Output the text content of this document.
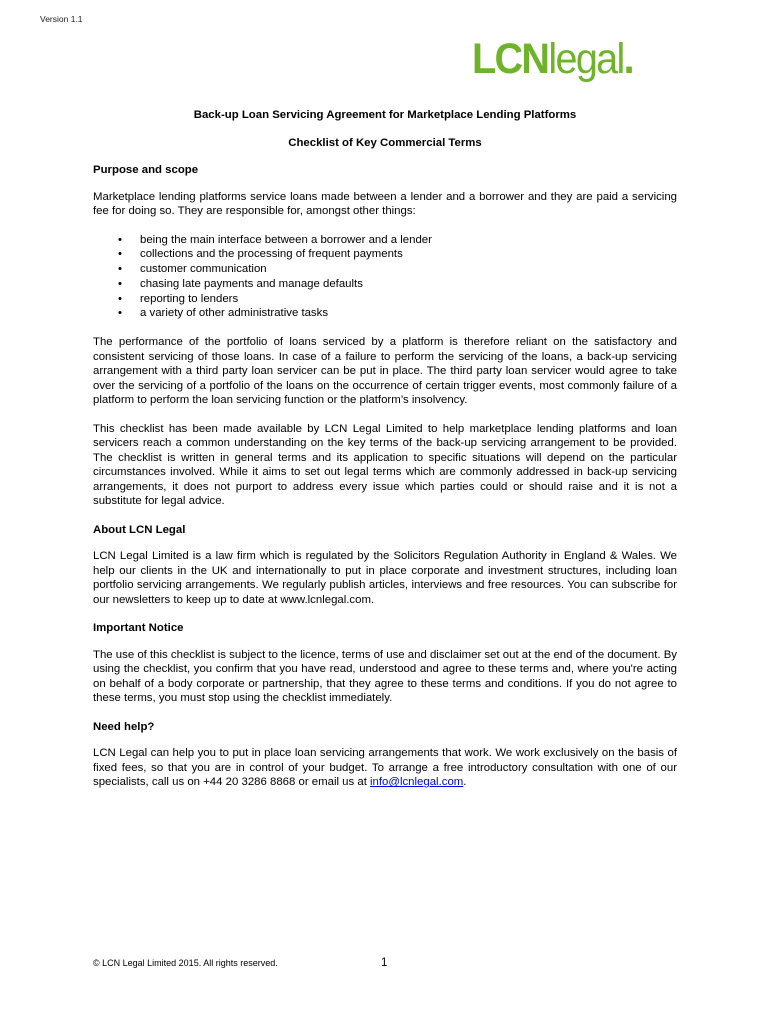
Version 1.1
LCNlegal.
Back-up Loan Servicing Agreement for Marketplace Lending Platforms
Checklist of Key Commercial Terms
Purpose and scope

Marketplace lending platforms service loans made between a lender and a borrower and they are paid a servicing fee for doing so. They are responsible for, amongst other things:

• being the main interface between a borrower and a lender
• collections and the processing of frequent payments
• customer communication
• chasing late payments and manage defaults
• reporting to lenders
• a variety of other administrative tasks

The performance of the portfolio of loans serviced by a platform is therefore reliant on the satisfactory and consistent servicing of those loans. In case of a failure to perform the servicing of the loans, a back-up servicing arrangement with a third party loan servicer can be put in place. The third party loan servicer would agree to take over the servicing of a portfolio of the loans on the occurrence of certain trigger events, most commonly failure of a platform to perform the loan servicing function or the platform’s insolvency.

This checklist has been made available by LCN Legal Limited to help marketplace lending platforms and loan servicers reach a common understanding on the key terms of the back-up servicing arrangement to be provided. The checklist is written in general terms and its application to specific situations will depend on the particular circumstances involved. While it aims to set out legal terms which are commonly addressed in back-up servicing arrangements, it does not purport to address every issue which parties could or should raise and it is not a substitute for legal advice.

About LCN Legal

LCN Legal Limited is a law firm which is regulated by the Solicitors Regulation Authority in England & Wales. We help our clients in the UK and internationally to put in place corporate and investment structures, including loan portfolio servicing arrangements. We regularly publish articles, interviews and free resources. You can subscribe for our newsletters to keep up to date at www.lcnlegal.com.

Important Notice

The use of this checklist is subject to the licence, terms of use and disclaimer set out at the end of the document. By using the checklist, you confirm that you have read, understood and agree to these terms and, where you're acting on behalf of a body corporate or partnership, that they agree to these terms and conditions. If you do not agree to these terms, you must stop using the checklist immediately.

Need help?

LCN Legal can help you to put in place loan servicing arrangements that work. We work exclusively on the basis of fixed fees, so that you are in control of your budget. To arrange a free introductory consultation with one of our specialists, call us on +44 20 3286 8868 or email us at info@lcnlegal.com.

© LCN Legal Limited 2015. All rights reserved.	1
